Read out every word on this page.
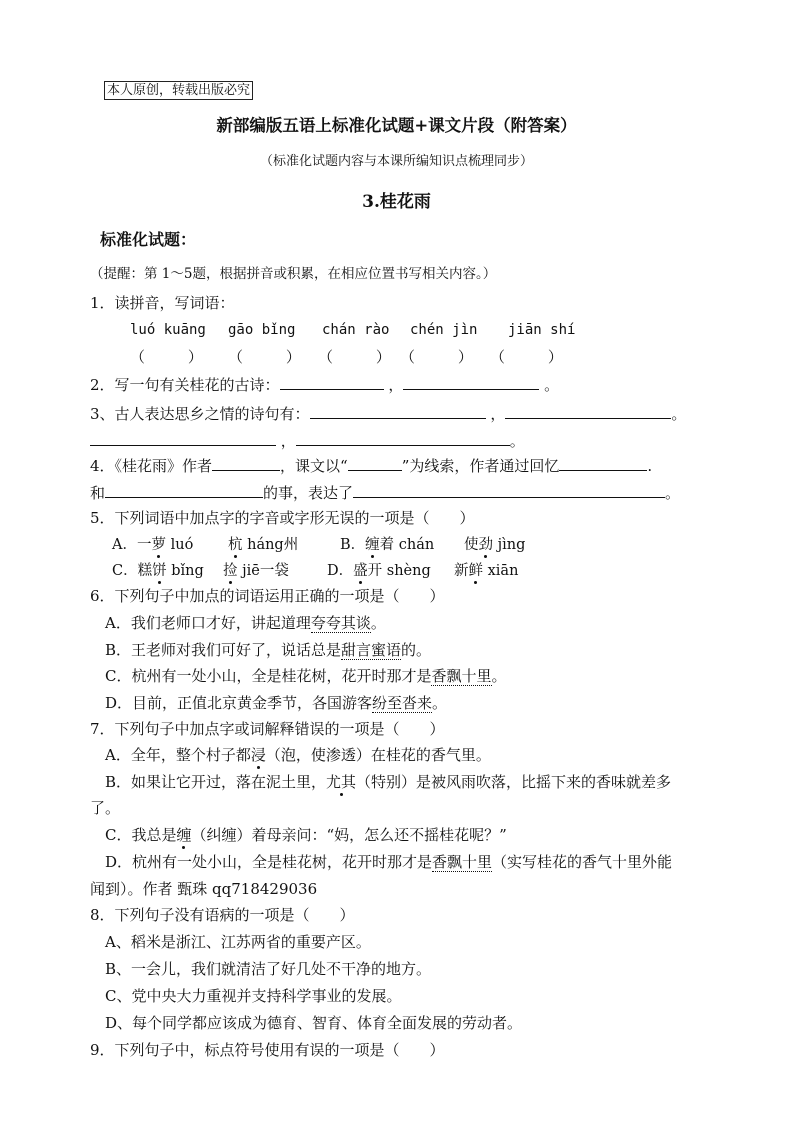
本人原创，转载出版必究
新部编版五语上标准化试题+课文片段（附答案）
（标准化试题内容与本课所编知识点梳理同步）
3.桂花雨
标准化试题：
（提醒：第 1～5题，根据拼音或积累，在相应位置书写相关内容。）
1．读拼音，写词语：
luó kuāng gāo bǐng chán rào chén jìn jiān shí
（         ） （         ） （         ） （         ） （         ）
2．写一句有关桂花的古诗：	，	。
3、古人表达思乡之情的诗句有：	，	。
，	。
4．《桂花雨》作者	，课文以“	”为线索，作者通过回忆	.
和	的事，表达了	。
5．下列词语中加点字的字音或字形无误的一项是（　　）
A．一萝 luó 杭 háng州	B．缠着 chán 使劲 jìng
C．糕饼 bǐng 捡 jiē一袋	D．盛开 shèng 新鲜 xiān
6．下列句子中加点的词语运用正确的一项是（　　）
A．我们老师口才好，讲起道理夸夸其谈。
B．王老师对我们可好了，说话总是甜言蜜语的。
C．杭州有一处小山，全是桂花树，花开时那才是香飘十里。
D．目前，正值北京黄金季节，各国游客纷至沓来。
7．下列句子中加点字或词解释错误的一项是（　　）
A．全年，整个村子都浸（泡，使渗透）在桂花的香气里。
B．如果让它开过，落在泥土里，尤其（特别）是被风雨吹落，比摇下来的香味就差多
了。
C．我总是缠（纠缠）着母亲问：“妈，怎么还不摇桂花呢？”
D．杭州有一处小山，全是桂花树，花开时那才是香飘十里（实写桂花的香气十里外能
闻到）。作者 甄珠 qq718429036
8．下列句子没有语病的一项是（　　）
A、稻米是浙江、江苏两省的重要产区。
B、一会儿，我们就清洁了好几处不干净的地方。
C、党中央大力重视并支持科学事业的发展。
D、每个同学都应该成为德育、智育、体育全面发展的劳动者。
9．下列句子中，标点符号使用有误的一项是（　　）
